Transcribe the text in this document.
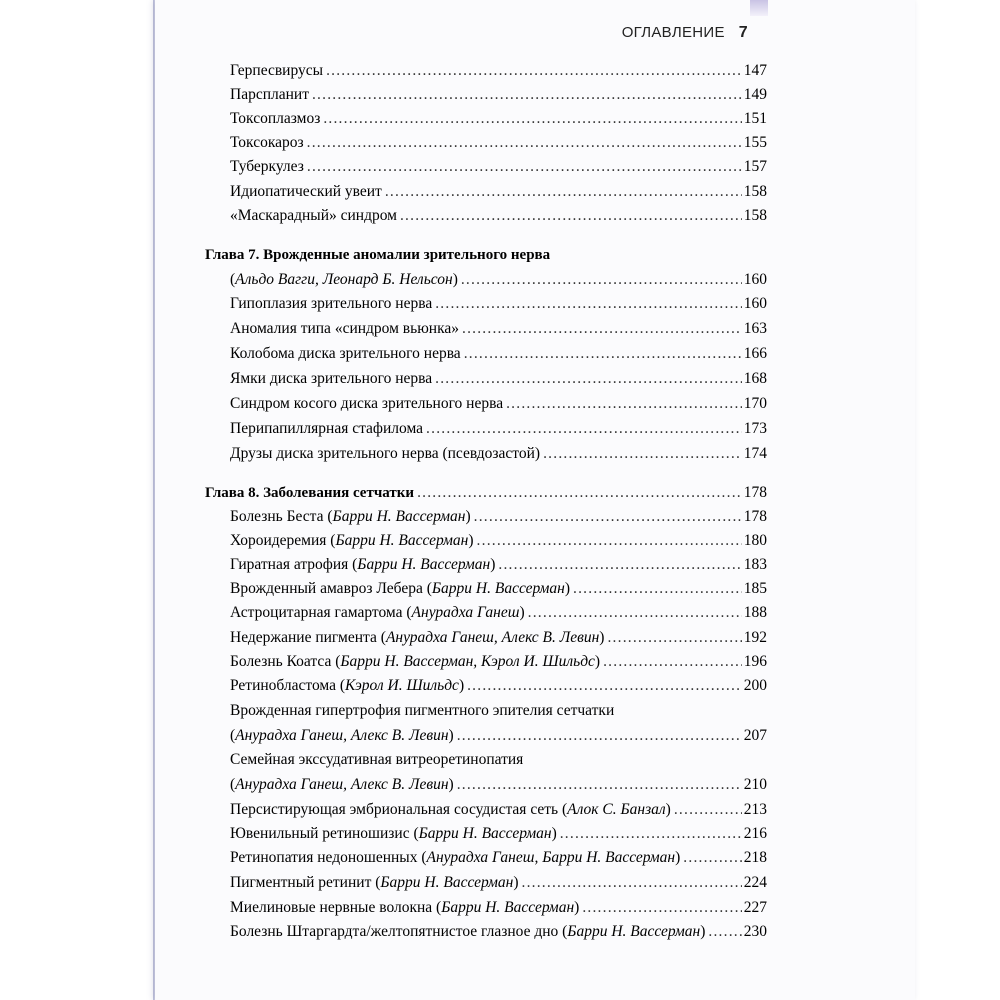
ОГЛАВЛЕНИЕ 7
Герпесвирусы .....	147
Парспланит .....	149
Токсоплазмоз .....	151
Токсокароз .....	155
Туберкулез .....	157
Идиопатический увеит .....	158
«Маскарадный» синдром .....	158
Глава 7. Врожденные аномалии зрительного нерва
(Альдо Вагги, Леонард Б. Нельсон) .....	160
Гипоплазия зрительного нерва .....	160
Аномалия типа «синдром вьюнка» .....	163
Колобома диска зрительного нерва .....	166
Ямки диска зрительного нерва .....	168
Синдром косого диска зрительного нерва .....	170
Перипапиллярная стафилома .....	173
Друзы диска зрительного нерва (псевдозастой) .....	174
Глава 8. Заболевания сетчатки .....	178
Болезнь Беста (Барри Н. Вассерман) .....	178
Хороидеремия (Барри Н. Вассерман) .....	180
Гиратная атрофия (Барри Н. Вассерман) .....	183
Врожденный амавроз Лебера (Барри Н. Вассерман) .....	185
Астроцитарная гамартома (Анурадха Ганеш) .....	188
Недержание пигмента (Анурадха Ганеш, Алекс В. Левин) .....	192
Болезнь Коатса (Барри Н. Вассерман, Кэрол И. Шильдс) .....	196
Ретинобластома (Кэрол И. Шильдс) .....	200
Врожденная гипертрофия пигментного эпителия сетчатки
(Анурадха Ганеш, Алекс В. Левин) .....	207
Семейная экссудативная витреоретинопатия
(Анурадха Ганеш, Алекс В. Левин) .....	210
Персистирующая эмбриональная сосудистая сеть (Алок С. Банзал) .....	213
Ювенильный ретиношизис (Барри Н. Вассерман) .....	216
Ретинопатия недоношенных (Анурадха Ганеш, Барри Н. Вассерман) .....	218
Пигментный ретинит (Барри Н. Вассерман) .....	224
Миелиновые нервные волокна (Барри Н. Вассерман) .....	227
Болезнь Штаргардта/желтопятнистое глазное дно (Барри Н. Вассерман) ..... 230
